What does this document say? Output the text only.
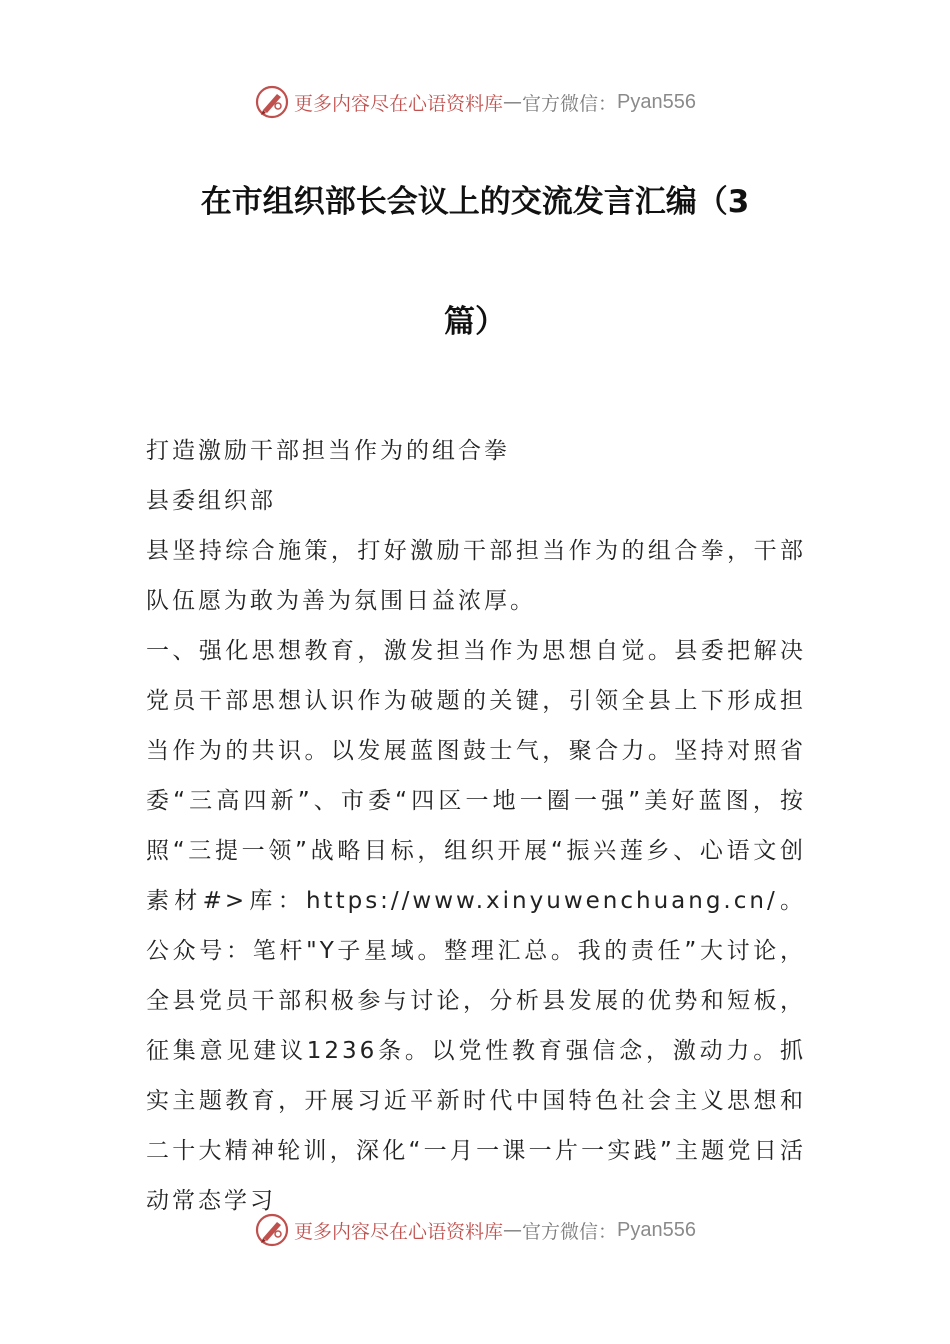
更多内容尽在心语资料库 — 官方微信： Pyan556
在市组织部长会议上的交流发言汇编（3
篇）

打造激励干部担当作为的组合拳

县委组织部

县坚持综合施策，打好激励干部担当作为的组合拳，干部队伍愿为敢为善为氛围日益浓厚。

一、强化思想教育，激发担当作为思想自觉。县委把解决党员干部思想认识作为破题的关键，引领全县上下形成担当作为的共识。以发展蓝图鼓士气，聚合力。坚持对照省委“三高四新”、市委“四区一地一圈一强”美好蓝图，按照“三提一领”战略目标，组织开展“振兴莲乡、心语文创素材#>库：https://www.xinyuwenchuang.cn/。公众号：笔杆"Y子星域。整理汇总。我的责任”大讨论，全县党员干部积极参与讨论，分析县发展的优势和短板，征集意见建议1236条。以党性教育强信念，激动力。抓实主题教育，开展习近平新时代中国特色社会主义思想和二十大精神轮训，深化“一月一课一片一实践”主题党日活动常态学习

更多内容尽在心语资料库 — 官方微信： Pyan556
